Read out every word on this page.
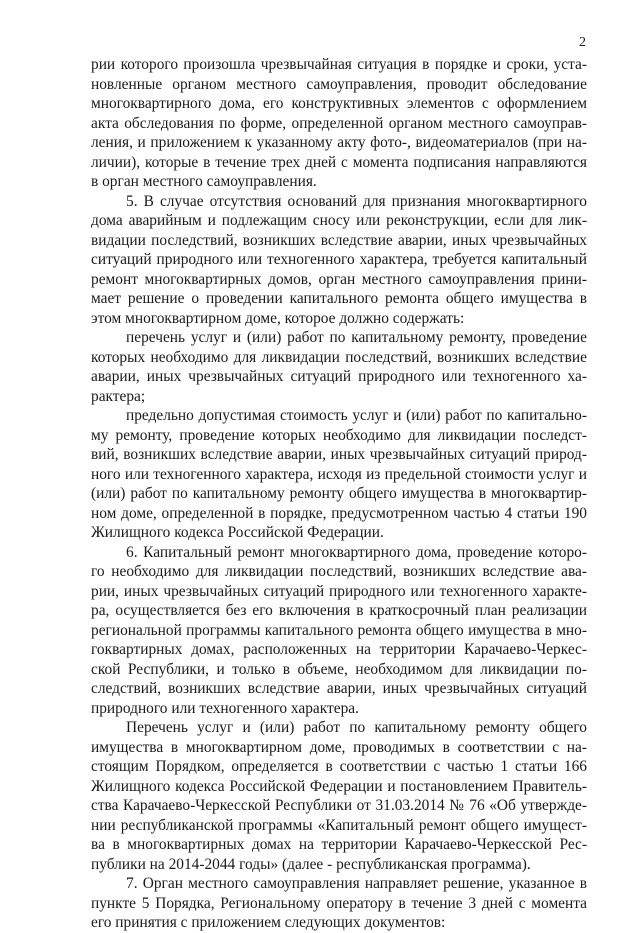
2
рии которого произошла чрезвычайная ситуация в порядке и сроки, уста-
новленные органом местного самоуправления, проводит обследование
многоквартирного дома, его конструктивных элементов с оформлением
акта обследования по форме, определенной органом местного самоуправ-
ления, и приложением к указанному акту фото-, видеоматериалов (при на-
личии), которые в течение трех дней с момента подписания направляются
в орган местного самоуправления.
5. В случае отсутствия оснований для признания многоквартирного
дома аварийным и подлежащим сносу или реконструкции, если для лик-
видации последствий, возникших вследствие аварии, иных чрезвычайных
ситуаций природного или техногенного характера, требуется капитальный
ремонт многоквартирных домов, орган местного самоуправления прини-
мает решение о проведении капитального ремонта общего имущества в
этом многоквартирном доме, которое должно содержать:
перечень услуг и (или) работ по капитальному ремонту, проведение
которых необходимо для ликвидации последствий, возникших вследствие
аварии, иных чрезвычайных ситуаций природного или техногенного ха-
рактера;
предельно допустимая стоимость услуг и (или) работ по капитально-
му ремонту, проведение которых необходимо для ликвидации последст-
вий, возникших вследствие аварии, иных чрезвычайных ситуаций природ-
ного или техногенного характера, исходя из предельной стоимости услуг и
(или) работ по капитальному ремонту общего имущества в многоквартир-
ном доме, определенной в порядке, предусмотренном частью 4 статьи 190
Жилищного кодекса Российской Федерации.
6. Капитальный ремонт многоквартирного дома, проведение которо-
го необходимо для ликвидации последствий, возникших вследствие ава-
рии, иных чрезвычайных ситуаций природного или техногенного характе-
ра, осуществляется без его включения в краткосрочный план реализации
региональной программы капитального ремонта общего имущества в мно-
гоквартирных домах, расположенных на территории Карачаево-Черкес-
ской Республики, и только в объеме, необходимом для ликвидации по-
следствий, возникших вследствие аварии, иных чрезвычайных ситуаций
природного или техногенного характера.
Перечень услуг и (или) работ по капитальному ремонту общего
имущества в многоквартирном доме, проводимых в соответствии с на-
стоящим Порядком, определяется в соответствии с частью 1 статьи 166
Жилищного кодекса Российской Федерации и постановлением Правитель-
ства Карачаево-Черкесской Республики от 31.03.2014 № 76 «Об утвержде-
нии республиканской программы «Капитальный ремонт общего имущест-
ва в многоквартирных домах на территории Карачаево-Черкесской Рес-
публики на 2014-2044 годы» (далее - республиканская программа).
7. Орган местного самоуправления направляет решение, указанное в
пункте 5 Порядка, Региональному оператору в течение 3 дней с момента
его принятия с приложением следующих документов:
